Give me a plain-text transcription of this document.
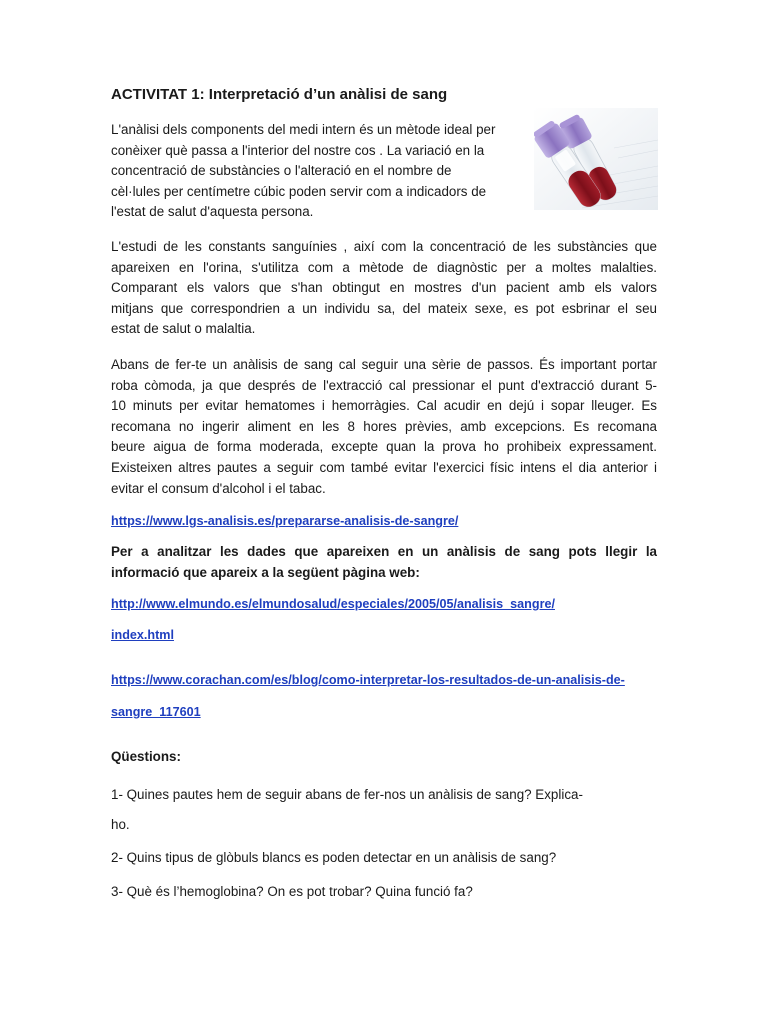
ACTIVITAT 1: Interpretació d’un anàlisi de sang

L'anàlisi dels components del medi intern és un mètode ideal per
conèixer què passa a l'interior del nostre cos . La variació en la
concentració de substàncies o l'alteració en el nombre de
cèl·lules per centímetre cúbic poden servir com a indicadors de
l'estat de salut d'aquesta persona.

L'estudi de les constants sanguínies , així com la concentració de les substàncies que
apareixen en l'orina, s'utilitza com a mètode de diagnòstic per a moltes malalties.
Comparant els valors que s'han obtingut en mostres d'un pacient amb els valors
mitjans que correspondrien a un individu sa, del mateix sexe, es pot esbrinar el seu
estat de salut o malaltia.

Abans de fer-te un anàlisis de sang cal seguir una sèrie de passos. És important portar
roba còmoda, ja que després de l'extracció cal pressionar el punt d'extracció durant 5-
10 minuts per evitar hematomes i hemorràgies. Cal acudir en dejú i sopar lleuger. Es
recomana no ingerir aliment en les 8 hores prèvies, amb excepcions. Es recomana
beure aigua de forma moderada, excepte quan la prova ho prohibeix expressament.
Existeixen altres pautes a seguir com també evitar l'exercici físic intens el dia anterior i
evitar el consum d'alcohol i el tabac.

https://www.lgs-analisis.es/prepararse-analisis-de-sangre/

Per a analitzar les dades que apareixen en un anàlisis de sang pots llegir la
informació que apareix a la següent pàgina web:

http://www.elmundo.es/elmundosalud/especiales/2005/05/analisis_sangre/
index.html
https://www.corachan.com/es/blog/como-interpretar-los-resultados-de-un-analisis-de-
sangre_117601

Qüestions:

1- Quines pautes hem de seguir abans de fer-nos un anàlisis de sang? Explica-

ho.

2- Quins tipus de glòbuls blancs es poden detectar en un anàlisis de sang?

3- Què és l’hemoglobina? On es pot trobar? Quina funció fa?
